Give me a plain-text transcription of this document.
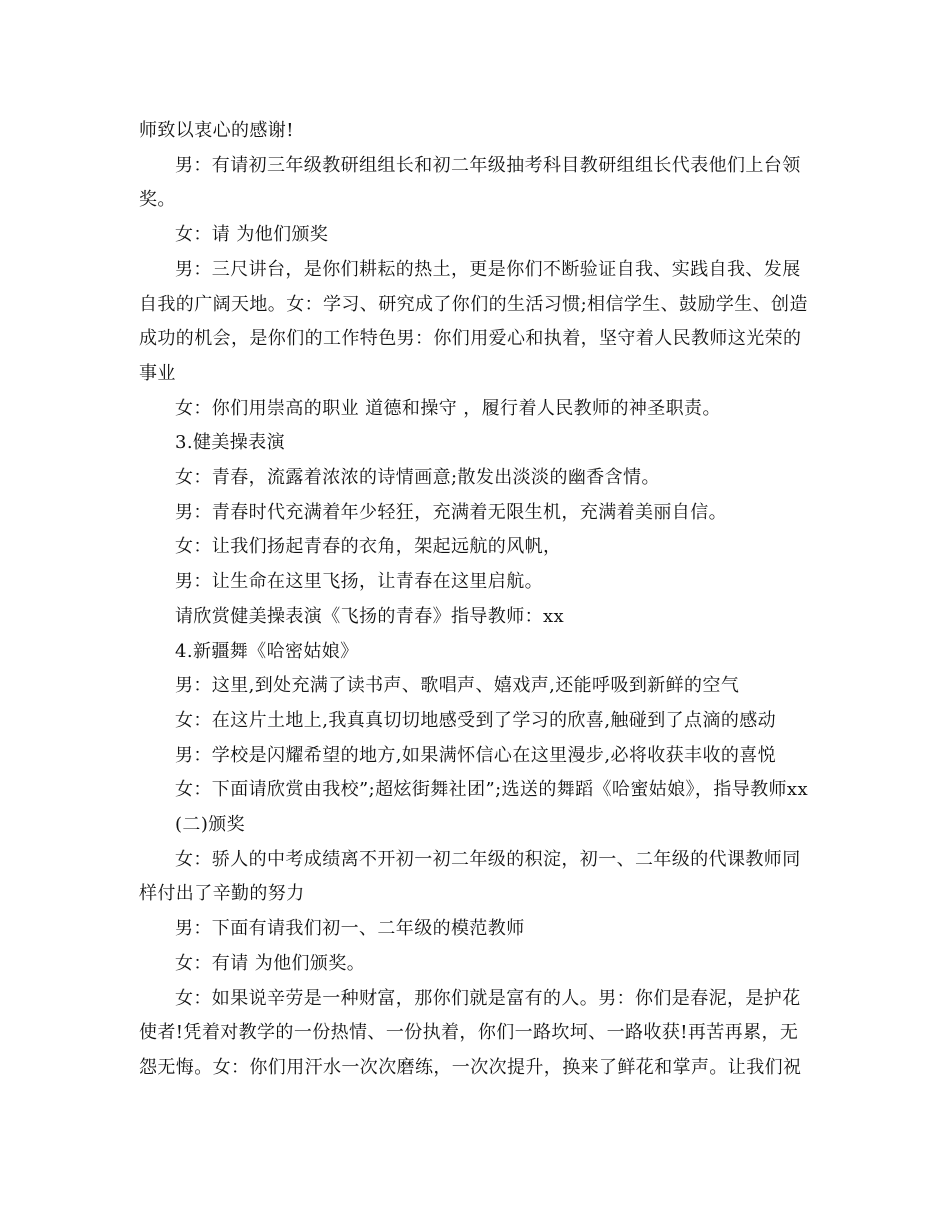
师致以衷心的感谢!

男：有请初三年级教研组组长和初二年级抽考科目教研组组长代表他们上台领奖。

女：请 为他们颁奖

男：三尺讲台，是你们耕耘的热土，更是你们不断验证自我、实践自我、发展自我的广阔天地。女：学习、研究成了你们的生活习惯;相信学生、鼓励学生、创造成功的机会，是你们的工作特色男：你们用爱心和执着，坚守着人民教师这光荣的事业

女：你们用崇高的职业 道德和操守 ，履行着人民教师的神圣职责。

3.健美操表演

女：青春，流露着浓浓的诗情画意;散发出淡淡的幽香含情。

男：青春时代充满着年少轻狂，充满着无限生机，充满着美丽自信。

女：让我们扬起青春的衣角，架起远航的风帆，

男：让生命在这里飞扬，让青春在这里启航。

请欣赏健美操表演《飞扬的青春》指导教师：xx

4.新疆舞《哈密姑娘》

男：这里,到处充满了读书声、歌唱声、嬉戏声,还能呼吸到新鲜的空气

女：在这片土地上,我真真切切地感受到了学习的欣喜,触碰到了点滴的感动

男：学校是闪耀希望的地方,如果满怀信心在这里漫步,必将收获丰收的喜悦

女：下面请欣赏由我校”;超炫街舞社团”;选送的舞蹈《哈蜜姑娘》，指导教师xx

(二)颁奖

女：骄人的中考成绩离不开初一初二年级的积淀，初一、二年级的代课教师同样付出了辛勤的努力

男：下面有请我们初一、二年级的模范教师

女：有请 为他们颁奖。

女：如果说辛劳是一种财富，那你们就是富有的人。男：你们是春泥，是护花使者!凭着对教学的一份热情、一份执着，你们一路坎坷、一路收获!再苦再累，无怨无悔。女：你们用汗水一次次磨练，一次次提升，换来了鲜花和掌声。让我们祝
